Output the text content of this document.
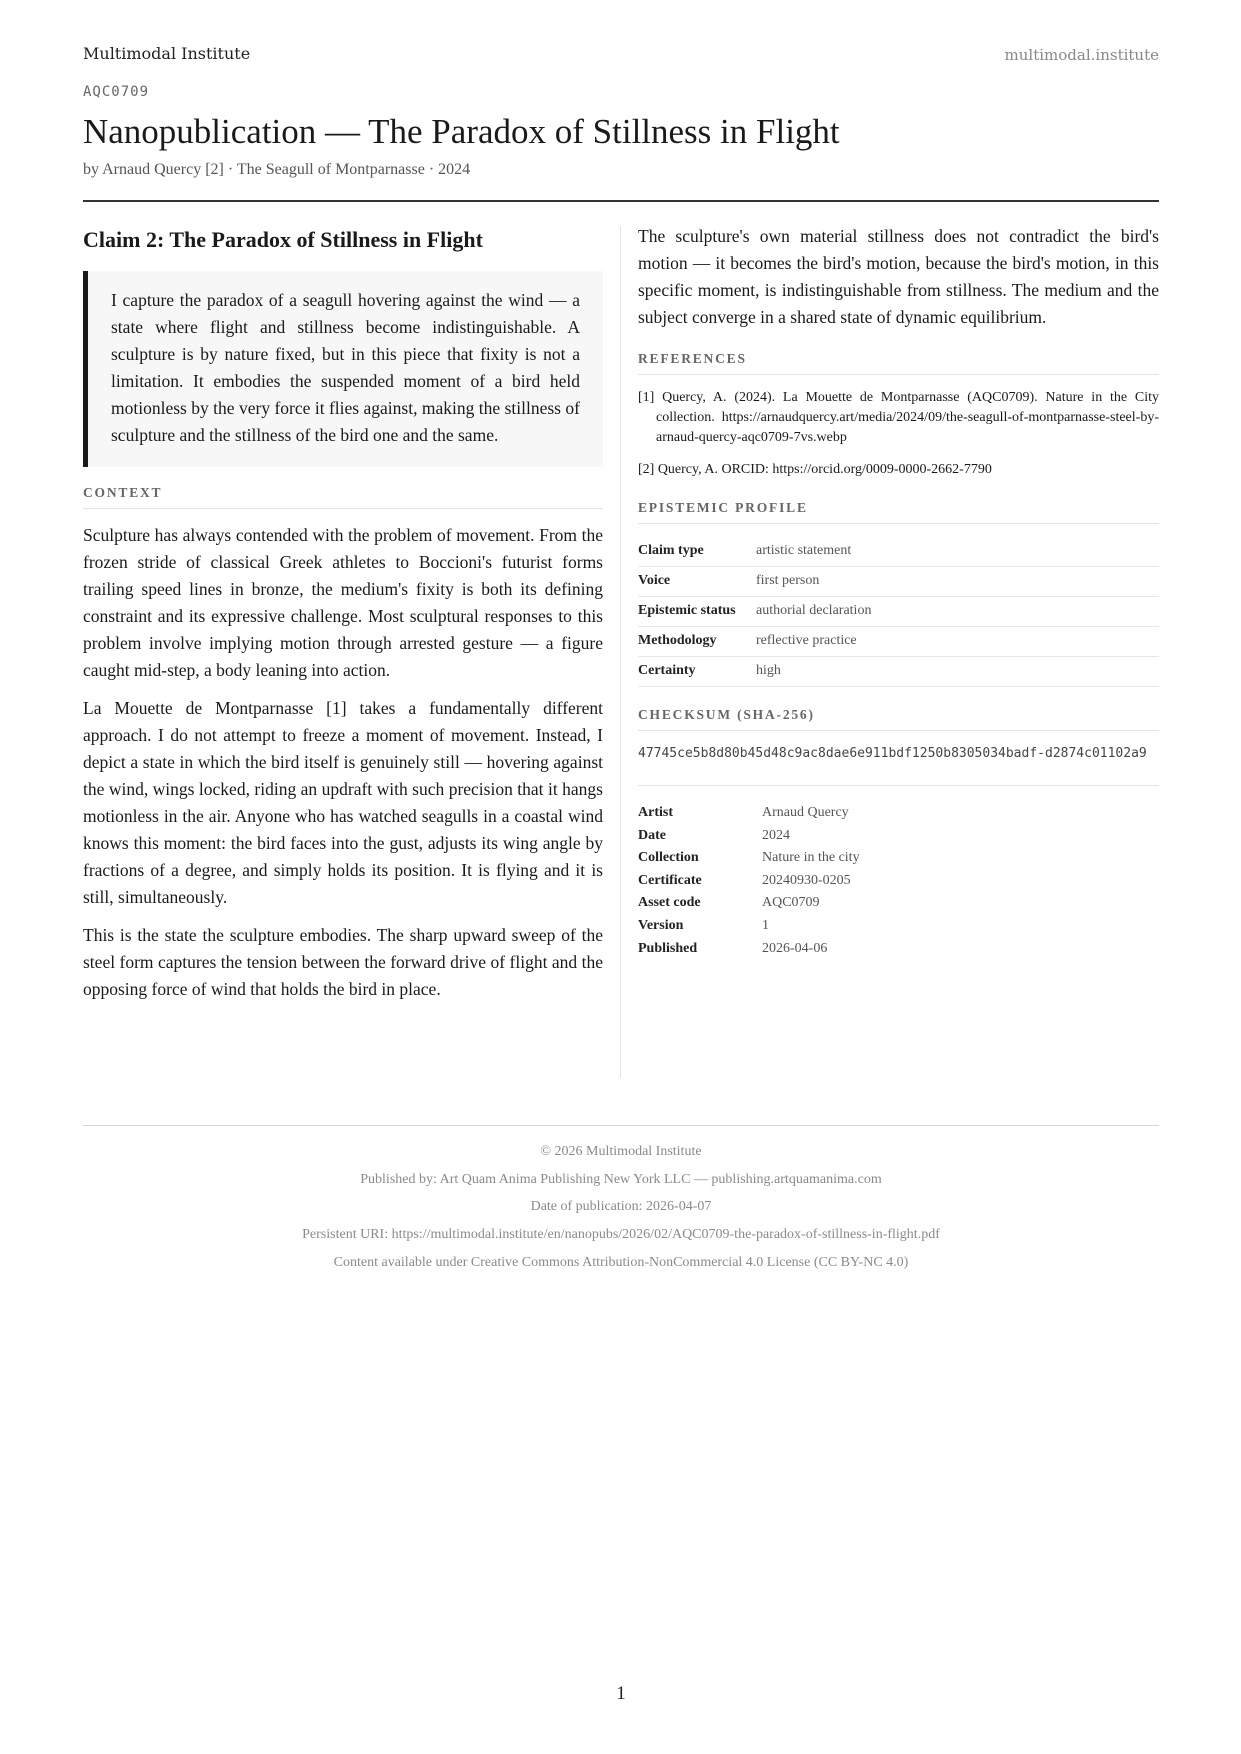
Multimodal Institute	multimodal.institute
AQC0709
Nanopublication — The Paradox of Stillness in Flight
by Arnaud Quercy [2] · The Seagull of Montparnasse · 2024
Claim 2: The Paradox of Stillness in Flight
I capture the paradox of a seagull hovering against the wind — a state where flight and stillness become indistinguishable. A sculpture is by nature fixed, but in this piece that fixity is not a limitation. It embodies the suspended moment of a bird held motionless by the very force it flies against, making the stillness of sculpture and the stillness of the bird one and the same.
CONTEXT

Sculpture has always contended with the problem of movement. From the frozen stride of classical Greek athletes to Boccioni's futurist forms trailing speed lines in bronze, the medium's fixity is both its defining constraint and its expressive challenge. Most sculptural responses to this problem involve implying motion through arrested gesture — a figure caught mid-step, a body leaning into action.

La Mouette de Montparnasse [1] takes a fundamentally different approach. I do not attempt to freeze a moment of movement. Instead, I depict a state in which the bird itself is genuinely still — hovering against the wind, wings locked, riding an updraft with such precision that it hangs motionless in the air. Anyone who has watched seagulls in a coastal wind knows this moment: the bird faces into the gust, adjusts its wing angle by fractions of a degree, and simply holds its position. It is flying and it is still, simultaneously.

This is the state the sculpture embodies. The sharp upward sweep of the steel form captures the tension between the forward drive of flight and the opposing force of wind that holds the bird in place.

The sculpture's own material stillness does not contradict the bird's motion — it becomes the bird's motion, because the bird's motion, in this specific moment, is indistinguishable from stillness. The medium and the subject converge in a shared state of dynamic equilibrium.

REFERENCES
[1] Quercy, A. (2024). La Mouette de Montparnasse (AQC0709). Nature in the City collection. https://arnaudquercy.art/media/2024/09/the-seagull-of-montparnasse-steel-by-arnaud-quercy-aqc0709-7vs.webp
[2] Quercy, A. ORCID: https://orcid.org/0009-0000-2662-7790
EPISTEMIC PROFILE
Claim type	artistic statement
Voice	first person
Epistemic status	authorial declaration
Methodology	reflective practice
Certainty	high
CHECKSUM (SHA-256)
47745ce5b8d80b45d48c9ac8dae6e911bdf1250b8305034badf-d2874c01102a9
Artist	Arnaud Quercy
Date	2024
Collection	Nature in the city
Certificate	20240930-0205
Asset code	AQC0709
Version	1
Published	2026-04-06
© 2026 Multimodal Institute
Published by: Art Quam Anima Publishing New York LLC — publishing.artquamanima.com
Date of publication: 2026-04-07
Persistent URI: https://multimodal.institute/en/nanopubs/2026/02/AQC0709-the-paradox-of-stillness-in-flight.pdf
Content available under Creative Commons Attribution-NonCommercial 4.0 License (CC BY-NC 4.0)
1
